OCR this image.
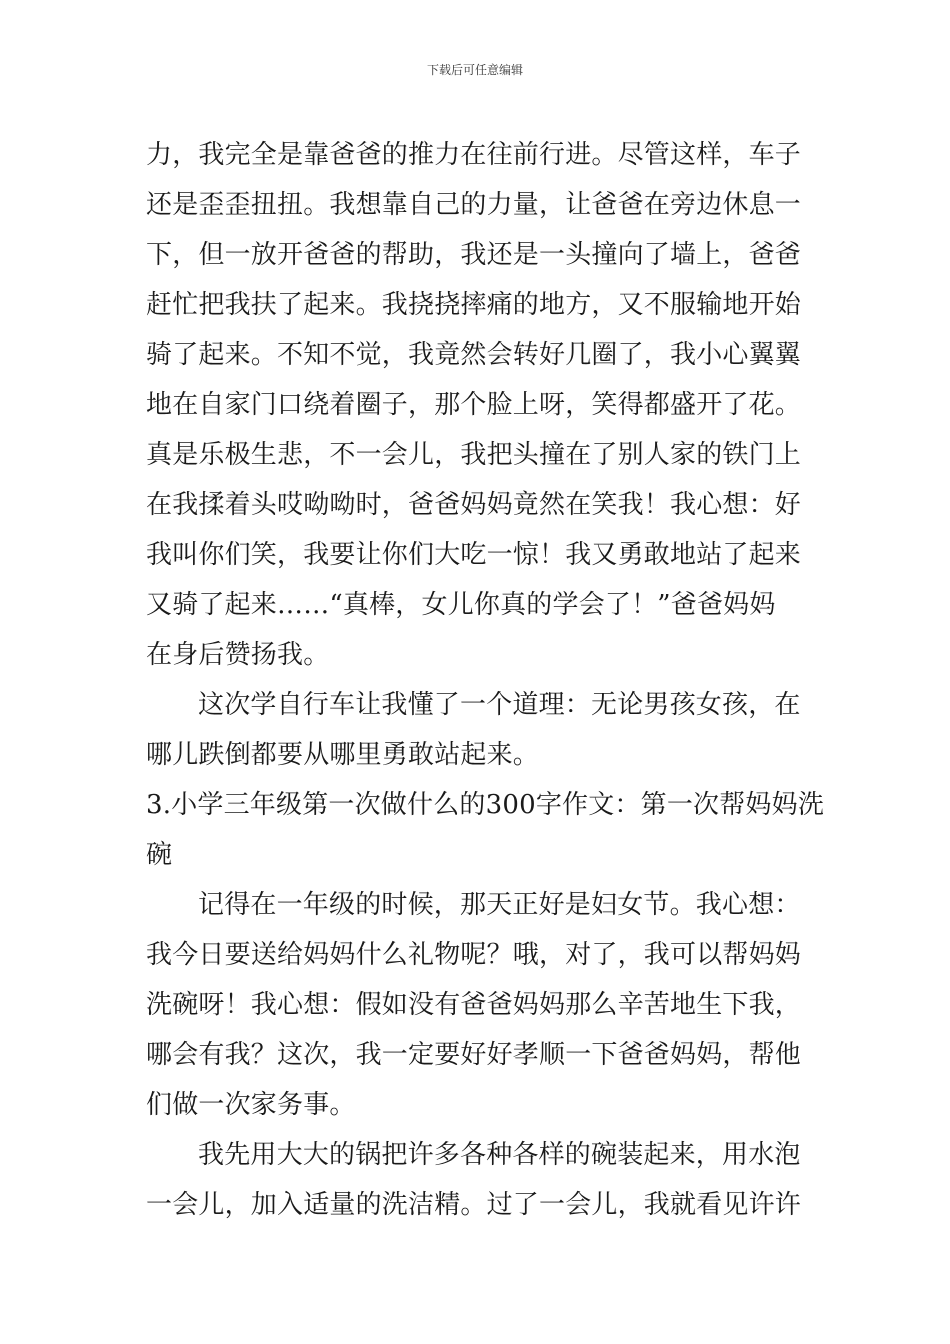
下载后可任意编辑
力，我完全是靠爸爸的推力在往前行进。尽管这样，车子
还是歪歪扭扭。我想靠自己的力量，让爸爸在旁边休息一
下，但一放开爸爸的帮助，我还是一头撞向了墙上，爸爸
赶忙把我扶了起来。我挠挠摔痛的地方，又不服输地开始
骑了起来。不知不觉，我竟然会转好几圈了，我小心翼翼
地在自家门口绕着圈子，那个脸上呀，笑得都盛开了花。
真是乐极生悲，不一会儿，我把头撞在了别人家的铁门上
在我揉着头哎呦呦时，爸爸妈妈竟然在笑我！我心想：好
我叫你们笑，我要让你们大吃一惊！我又勇敢地站了起来
又骑了起来……“真棒，女儿你真的学会了！”爸爸妈妈
在身后赞扬我。
这次学自行车让我懂了一个道理：无论男孩女孩，在
哪儿跌倒都要从哪里勇敢站起来。
3.小学三年级第一次做什么的300字作文：第一次帮妈妈洗
碗
记得在一年级的时候，那天正好是妇女节。我心想：
我今日要送给妈妈什么礼物呢？哦，对了，我可以帮妈妈
洗碗呀！我心想：假如没有爸爸妈妈那么辛苦地生下我，
哪会有我？这次，我一定要好好孝顺一下爸爸妈妈，帮他
们做一次家务事。
我先用大大的锅把许多各种各样的碗装起来，用水泡
一会儿，加入适量的洗洁精。过了一会儿，我就看见许许
